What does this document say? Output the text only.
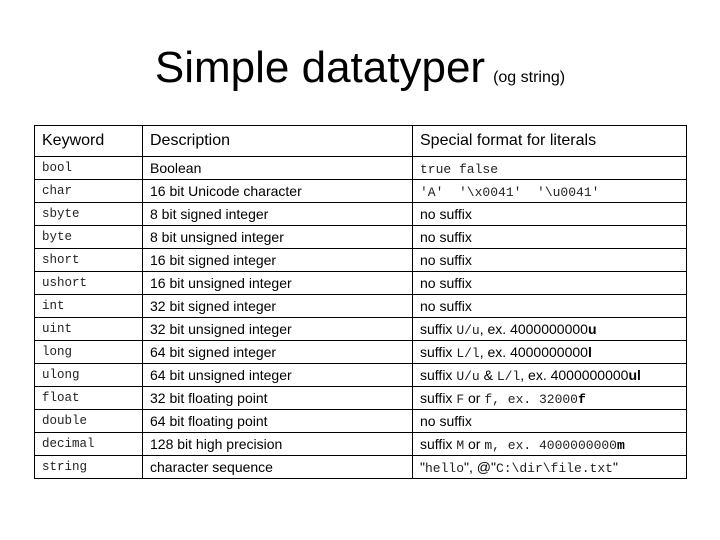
Simple datatyper (og string)
Keyword	Description	Special format for literals
bool	Boolean	true false
char	16 bit Unicode character	'A'  '\x0041'  '\u0041'
sbyte	8 bit signed integer	no suffix
byte	8 bit unsigned integer	no suffix
short	16 bit signed integer	no suffix
ushort	16 bit unsigned integer	no suffix
int	32 bit signed integer	no suffix
uint	32 bit unsigned integer	suffix U/u, ex. 4000000000u
long	64 bit signed integer	suffix L/l, ex. 4000000000l
ulong	64 bit unsigned integer	suffix U/u & L/l, ex. 4000000000ul
float	32 bit floating point	suffix F or f, ex. 32000f
double	64 bit floating point	no suffix
decimal	128 bit high precision	suffix M or m, ex. 4000000000m
string	character sequence	"hello", @"C:\dir\file.txt"
